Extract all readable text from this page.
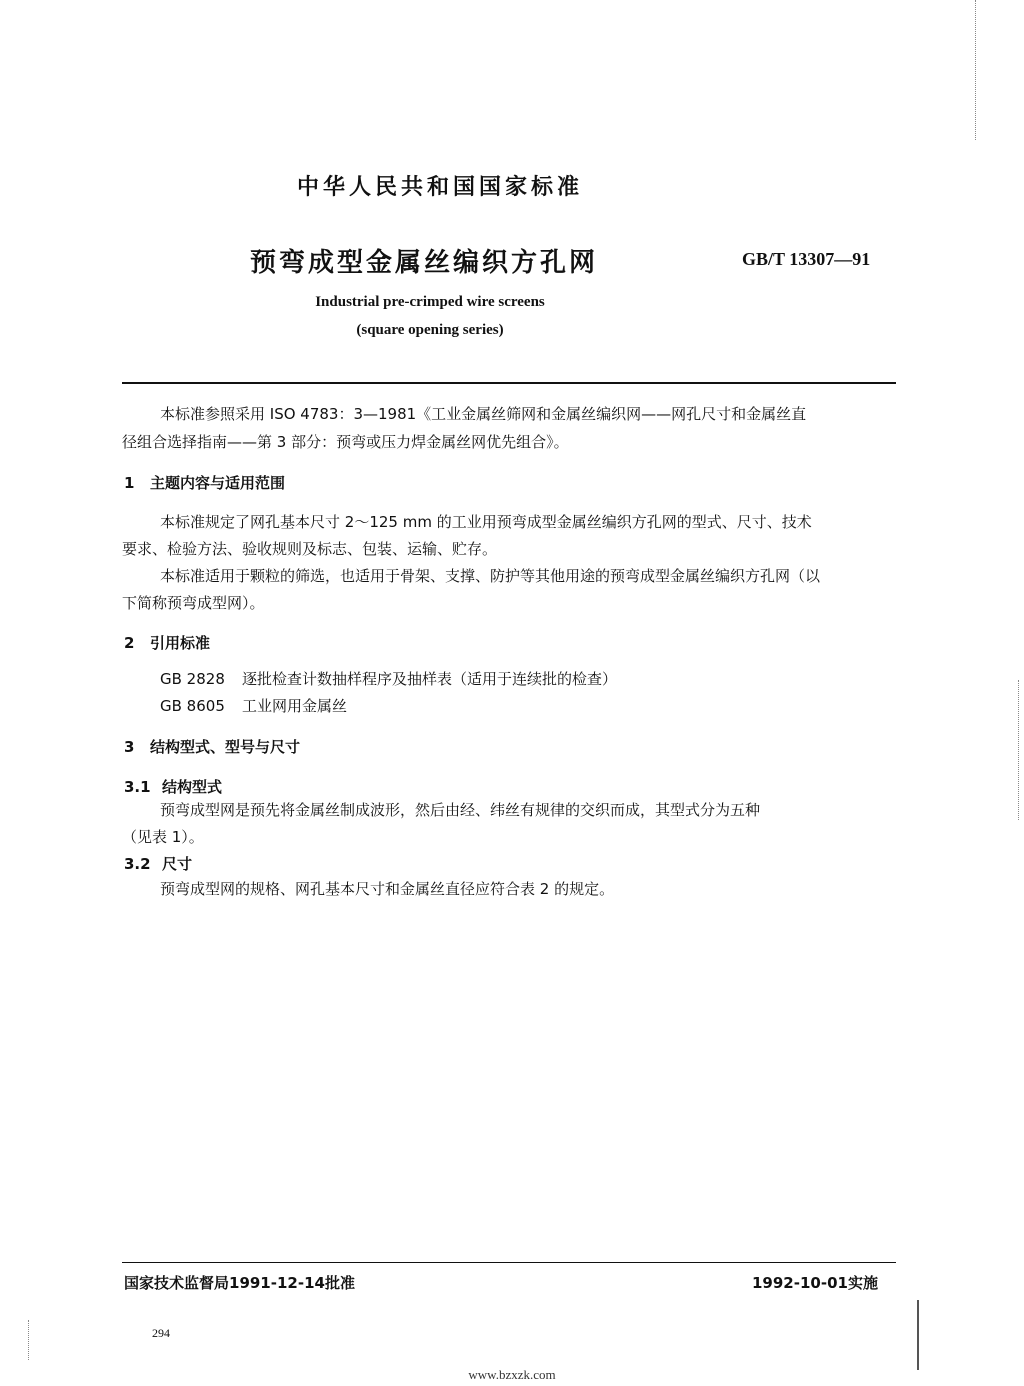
中华人民共和国国家标准
预弯成型金属丝编织方孔网	GB/T 13307—91
Industrial pre-crimped wire screens
(square opening series)
本标准参照采用 ISO 4783：3—1981《工业金属丝筛网和金属丝编织网——网孔尺寸和金属丝直
径组合选择指南——第 3 部分：预弯或压力焊金属丝网优先组合》。
1 主题内容与适用范围
本标准规定了网孔基本尺寸 2～125 mm 的工业用预弯成型金属丝编织方孔网的型式、尺寸、技术
要求、检验方法、验收规则及标志、包装、运输、贮存。
本标准适用于颗粒的筛选，也适用于骨架、支撑、防护等其他用途的预弯成型金属丝编织方孔网（以
下简称预弯成型网）。
2 引用标准
GB 2828 逐批检查计数抽样程序及抽样表（适用于连续批的检查）
GB 8605 工业网用金属丝
3 结构型式、型号与尺寸
3.1 结构型式
预弯成型网是预先将金属丝制成波形，然后由经、纬丝有规律的交织而成，其型式分为五种
（见表 1）。
3.2 尺寸
预弯成型网的规格、网孔基本尺寸和金属丝直径应符合表 2 的规定。
国家技术监督局1991-12-14批准	1992-10-01实施
294
www.bzxzk.com
